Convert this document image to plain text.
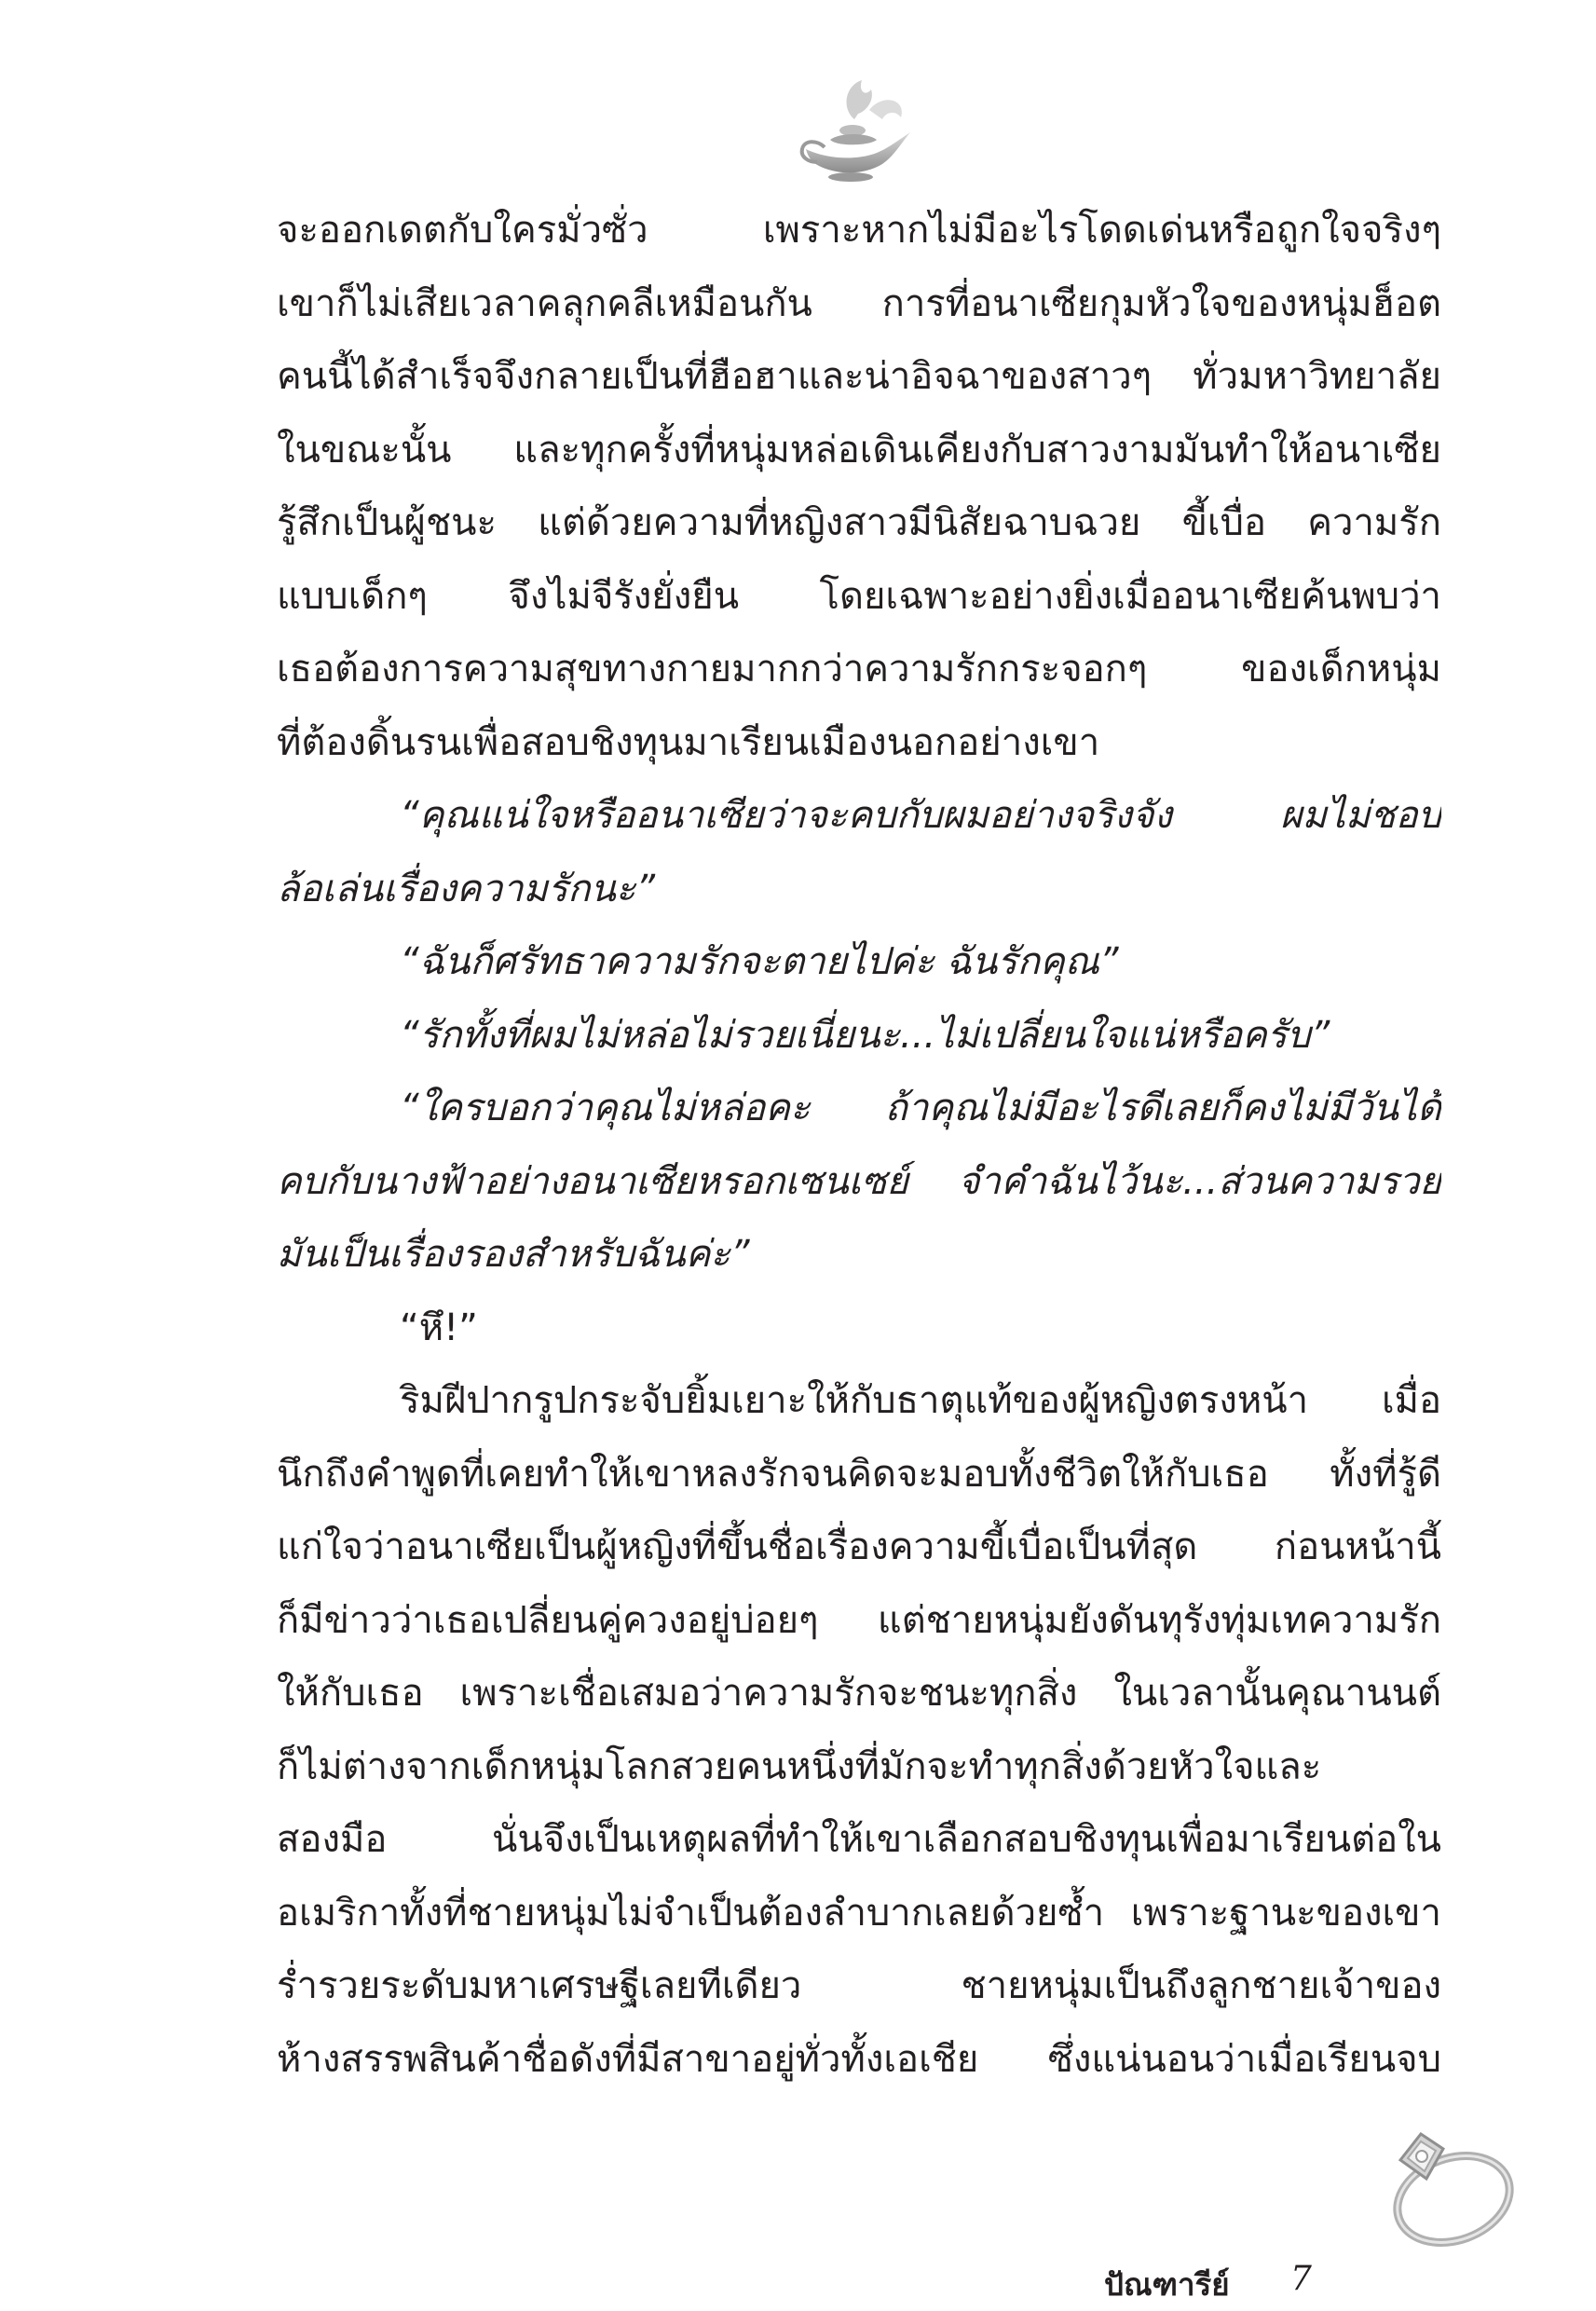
จะออกเดตกับใครมั่วซั่ว เพราะหากไม่มีอะไรโดดเด่นหรือถูกใจจริงๆ
เขาก็ไม่เสียเวลาคลุกคลีเหมือนกัน การที่อนาเซียกุมหัวใจของหนุ่มฮ็อต
คนนี้ได้สำเร็จจึงกลายเป็นที่ฮือฮาและน่าอิจฉาของสาวๆ ทั่วมหาวิทยาลัย
ในขณะนั้น และทุกครั้งที่หนุ่มหล่อเดินเคียงกับสาวงามมันทำให้อนาเซีย
รู้สึกเป็นผู้ชนะ แต่ด้วยความที่หญิงสาวมีนิสัยฉาบฉวย ขี้เบื่อ ความรัก
แบบเด็กๆ จึงไม่จีรังยั่งยืน โดยเฉพาะอย่างยิ่งเมื่ออนาเซียค้นพบว่า
เธอต้องการความสุขทางกายมากกว่าความรักกระจอกๆ ของเด็กหนุ่ม
ที่ต้องดิ้นรนเพื่อสอบชิงทุนมาเรียนเมืองนอกอย่างเขา
“คุณแน่ใจหรืออนาเซียว่าจะคบกับผมอย่างจริงจัง ผมไม่ชอบ
ล้อเล่นเรื่องความรักนะ”
“ฉันก็ศรัทธาความรักจะตายไปค่ะ ฉันรักคุณ”
“รักทั้งที่ผมไม่หล่อไม่รวยเนี่ยนะ...ไม่เปลี่ยนใจแน่หรือครับ”
“ใครบอกว่าคุณไม่หล่อคะ ถ้าคุณไม่มีอะไรดีเลยก็คงไม่มีวันได้
คบกับนางฟ้าอย่างอนาเซียหรอกเซนเซย์ จำคำฉันไว้นะ...ส่วนความรวย
มันเป็นเรื่องรองสำหรับฉันค่ะ”
“หึ!”
ริมฝีปากรูปกระจับยิ้มเยาะให้กับธาตุแท้ของผู้หญิงตรงหน้า เมื่อ
นึกถึงคำพูดที่เคยทำให้เขาหลงรักจนคิดจะมอบทั้งชีวิตให้กับเธอ ทั้งที่รู้ดี
แก่ใจว่าอนาเซียเป็นผู้หญิงที่ขึ้นชื่อเรื่องความขี้เบื่อเป็นที่สุด ก่อนหน้านี้
ก็มีข่าวว่าเธอเปลี่ยนคู่ควงอยู่บ่อยๆ แต่ชายหนุ่มยังดันทุรังทุ่มเทความรัก
ให้กับเธอ เพราะเชื่อเสมอว่าความรักจะชนะทุกสิ่ง ในเวลานั้นคุณานนต์
ก็ไม่ต่างจากเด็กหนุ่มโลกสวยคนหนึ่งที่มักจะทำทุกสิ่งด้วยหัวใจและ
สองมือ นั่นจึงเป็นเหตุผลที่ทำให้เขาเลือกสอบชิงทุนเพื่อมาเรียนต่อใน
อเมริกาทั้งที่ชายหนุ่มไม่จำเป็นต้องลำบากเลยด้วยซ้ำ เพราะฐานะของเขา
ร่ำรวยระดับมหาเศรษฐีเลยทีเดียว ชายหนุ่มเป็นถึงลูกชายเจ้าของ
ห้างสรรพสินค้าชื่อดังที่มีสาขาอยู่ทั่วทั้งเอเชีย ซึ่งแน่นอนว่าเมื่อเรียนจบ
ปัณฑารีย์ 7
